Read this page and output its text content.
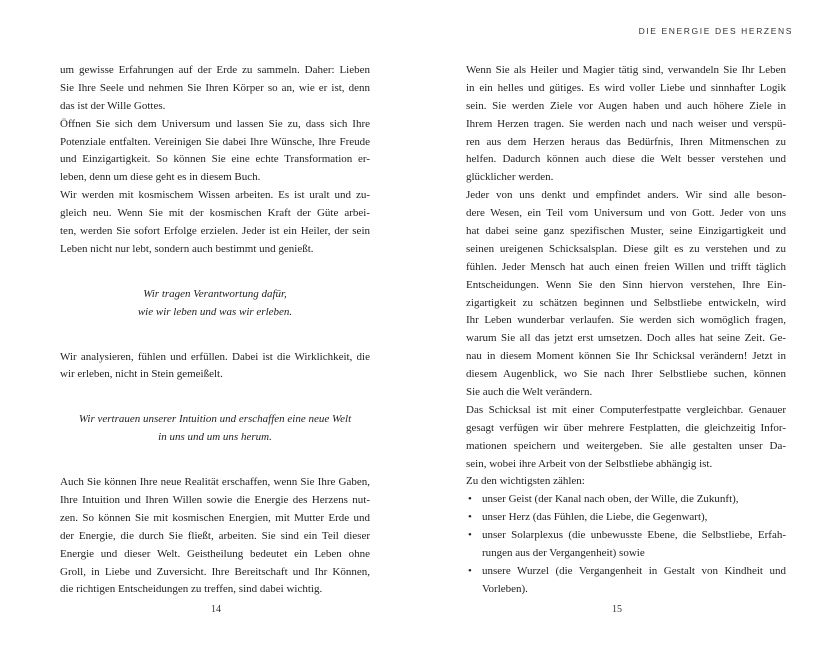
um gewisse Erfahrungen auf der Erde zu sammeln. Daher: Lieben
Sie Ihre Seele und nehmen Sie Ihren Körper so an, wie er ist, denn
das ist der Wille Gottes.
Öffnen Sie sich dem Universum und lassen Sie zu, dass sich Ihre
Potenziale entfalten. Vereinigen Sie dabei Ihre Wünsche, Ihre Freude
und Einzigartigkeit. So können Sie eine echte Transformation er-
leben, denn um diese geht es in diesem Buch.
Wir werden mit kosmischem Wissen arbeiten. Es ist uralt und zu-
gleich neu. Wenn Sie mit der kosmischen Kraft der Güte arbei-
ten, werden Sie sofort Erfolge erzielen. Jeder ist ein Heiler, der sein
Leben nicht nur lebt, sondern auch bestimmt und genießt.
Wir tragen Verantwortung dafür,
wie wir leben und was wir erleben.
Wir analysieren, fühlen und erfüllen. Dabei ist die Wirklichkeit, die
wir erleben, nicht in Stein gemeißelt.
Wir vertrauen unserer Intuition und erschaffen eine neue Welt
in uns und um uns herum.
Auch Sie können Ihre neue Realität erschaffen, wenn Sie Ihre Gaben,
Ihre Intuition und Ihren Willen sowie die Energie des Herzens nut-
zen. So können Sie mit kosmischen Energien, mit Mutter Erde und
der Energie, die durch Sie fließt, arbeiten. Sie sind ein Teil dieser
Energie und dieser Welt. Geistheilung bedeutet ein Leben ohne
Groll, in Liebe und Zuversicht. Ihre Bereitschaft und Ihr Können,
die richtigen Entscheidungen zu treffen, sind dabei wichtig.
14
DIE ENERGIE DES HERZENS
Wenn Sie als Heiler und Magier tätig sind, verwandeln Sie Ihr Leben
in ein helles und gütiges. Es wird voller Liebe und sinnhafter Logik
sein. Sie werden Ziele vor Augen haben und auch höhere Ziele in
Ihrem Herzen tragen. Sie werden nach und nach weiser und verspü-
ren aus dem Herzen heraus das Bedürfnis, Ihren Mitmenschen zu
helfen. Dadurch können auch diese die Welt besser verstehen und
glücklicher werden.
Jeder von uns denkt und empfindet anders. Wir sind alle beson-
dere Wesen, ein Teil vom Universum und von Gott. Jeder von uns
hat dabei seine ganz spezifischen Muster, seine Einzigartigkeit und
seinen ureigenen Schicksalsplan. Diese gilt es zu verstehen und zu
fühlen. Jeder Mensch hat auch einen freien Willen und trifft täglich
Entscheidungen. Wenn Sie den Sinn hiervon verstehen, Ihre Ein-
zigartigkeit zu schätzen beginnen und Selbstliebe entwickeln, wird
Ihr Leben wunderbar verlaufen. Sie werden sich womöglich fragen,
warum Sie all das jetzt erst umsetzen. Doch alles hat seine Zeit. Ge-
nau in diesem Moment können Sie Ihr Schicksal verändern! Jetzt in
diesem Augenblick, wo Sie nach Ihrer Selbstliebe suchen, können
Sie auch die Welt verändern.
Das Schicksal ist mit einer Computerfestpatte vergleichbar. Genauer
gesagt verfügen wir über mehrere Festplatten, die gleichzeitig Infor-
mationen speichern und weitergeben. Sie alle gestalten unser Da-
sein, wobei ihre Arbeit von der Selbstliebe abhängig ist.
Zu den wichtigsten zählen:
• unser Geist (der Kanal nach oben, der Wille, die Zukunft),
• unser Herz (das Fühlen, die Liebe, die Gegenwart),
• unser Solarplexus (die unbewusste Ebene, die Selbstliebe, Erfah-
rungen aus der Vergangenheit) sowie
• unsere Wurzel (die Vergangenheit in Gestalt von Kindheit und
Vorleben).
15
